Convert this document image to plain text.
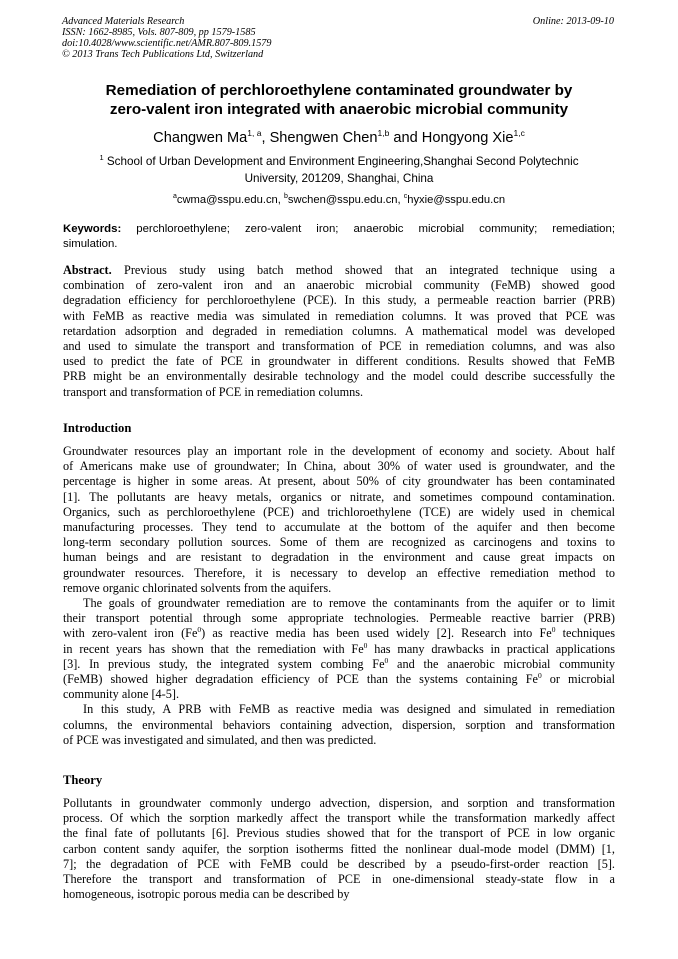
Advanced Materials Research
ISSN: 1662-8985, Vols. 807-809, pp 1579-1585
doi:10.4028/www.scientific.net/AMR.807-809.1579
© 2013 Trans Tech Publications Ltd, Switzerland
Online: 2013-09-10
Remediation of perchloroethylene contaminated groundwater by
zero-valent iron integrated with anaerobic microbial community
Changwen Ma$^{1, a}$, Shengwen Chen$^{1,b}$ and Hongyong Xie$^{1,c}$
$^1$ School of Urban Development and Environment Engineering,Shanghai Second Polytechnic
University, 201209, Shanghai, China
$^a$cwma@sspu.edu.cn, $^b$swchen@sspu.edu.cn, $^c$hyxie@sspu.edu.cn
Keywords: perchloroethylene; zero-valent iron; anaerobic microbial community; remediation;
simulation.
Abstract. Previous study using batch method showed that an integrated technique using a
combination of zero-valent iron and an anaerobic microbial community (FeMB) showed good
degradation efficiency for perchloroethylene (PCE). In this study, a permeable reaction barrier (PRB)
with FeMB as reactive media was simulated in remediation columns. It was proved that PCE was
retardation adsorption and degraded in remediation columns. A mathematical model was developed
and used to simulate the transport and transformation of PCE in remediation columns, and was also
used to predict the fate of PCE in groundwater in different conditions. Results showed that FeMB
PRB might be an environmentally desirable technology and the model could describe successfully the
transport and transformation of PCE in remediation columns.
Introduction
Groundwater resources play an important role in the development of economy and society. About half
of Americans make use of groundwater; In China, about 30% of water used is groundwater, and the
percentage is higher in some areas. At present, about 50% of city groundwater has been contaminated
[1]. The pollutants are heavy metals, organics or nitrate, and sometimes compound contamination.
Organics, such as perchloroethylene (PCE) and trichloroethylene (TCE) are widely used in chemical
manufacturing processes. They tend to accumulate at the bottom of the aquifer and then become
long-term secondary pollution sources. Some of them are recognized as carcinogens and toxins to
human beings and are resistant to degradation in the environment and cause great impacts on
groundwater resources. Therefore, it is necessary to develop an effective remediation method to
remove organic chlorinated solvents from the aquifers.
The goals of groundwater remediation are to remove the contaminants from the aquifer or to limit
their transport potential through some appropriate technologies. Permeable reactive barrier (PRB)
with zero-valent iron (Fe$^0$) as reactive media has been used widely [2]. Research into Fe$^0$ techniques
in recent years has shown that the remediation with Fe$^0$ has many drawbacks in practical applications
[3]. In previous study, the integrated system combing Fe$^0$ and the anaerobic microbial community
(FeMB) showed higher degradation efficiency of PCE than the systems containing Fe$^0$ or microbial
community alone [4-5].
In this study, A PRB with FeMB as reactive media was designed and simulated in remediation
columns, the environmental behaviors containing advection, dispersion, sorption and transformation
of PCE was investigated and simulated, and then was predicted.
Theory
Pollutants in groundwater commonly undergo advection, dispersion, and sorption and transformation
process. Of which the sorption markedly affect the transport while the transformation markedly affect
the final fate of pollutants [6]. Previous studies showed that for the transport of PCE in low organic
carbon content sandy aquifer, the sorption isotherms fitted the nonlinear dual-mode model (DMM) [1,
7]; the degradation of PCE with FeMB could be described by a pseudo-first-order reaction [5].
Therefore the transport and transformation of PCE in one-dimensional steady-state flow in a
homogeneous, isotropic porous media can be described by
